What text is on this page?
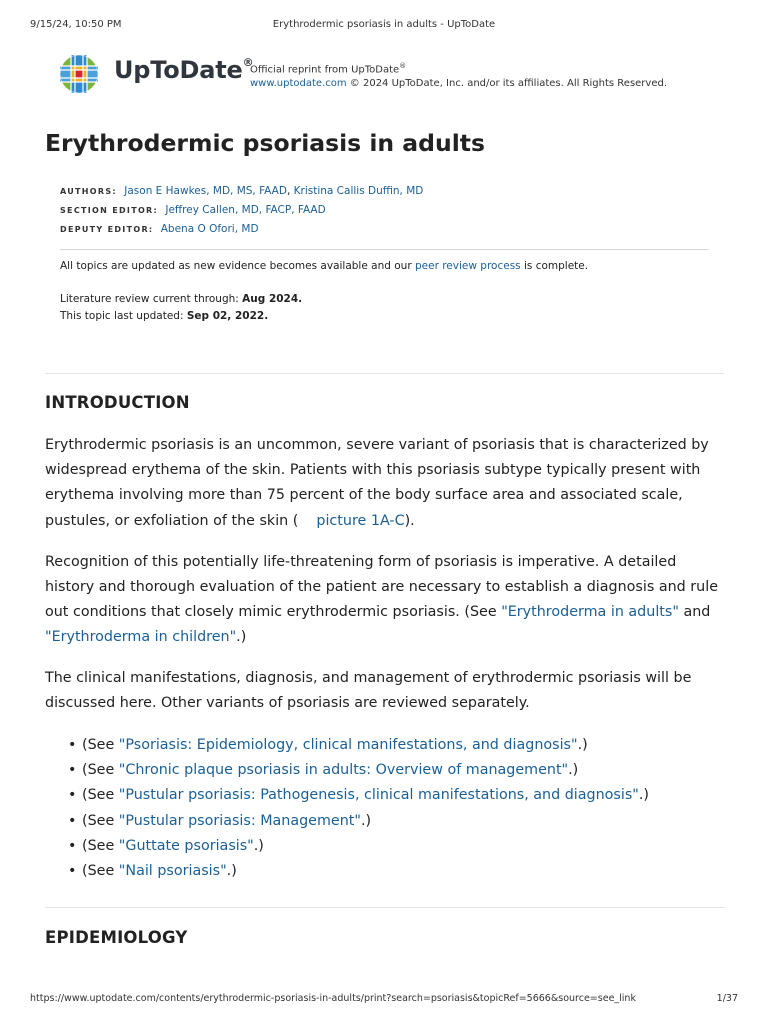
9/15/24, 10:50 PM	Erythrodermic psoriasis in adults - UpToDate
UpToDate®
Official reprint from UpToDate®
www.uptodate.com © 2024 UpToDate, Inc. and/or its affiliates. All Rights Reserved.
Erythrodermic psoriasis in adults
AUTHORS: Jason E Hawkes, MD, MS, FAAD, Kristina Callis Duffin, MD
SECTION EDITOR: Jeffrey Callen, MD, FACP, FAAD
DEPUTY EDITOR: Abena O Ofori, MD

All topics are updated as new evidence becomes available and our peer review process is complete.

Literature review current through: Aug 2024.

This topic last updated: Sep 02, 2022.

INTRODUCTION

Erythrodermic psoriasis is an uncommon, severe variant of psoriasis that is characterized by widespread erythema of the skin. Patients with this psoriasis subtype typically present with erythema involving more than 75 percent of the body surface area and associated scale, pustules, or exfoliation of the skin ( picture 1A-C).

Recognition of this potentially life-threatening form of psoriasis is imperative. A detailed history and thorough evaluation of the patient are necessary to establish a diagnosis and rule out conditions that closely mimic erythrodermic psoriasis. (See "Erythroderma in adults" and "Erythroderma in children".)

The clinical manifestations, diagnosis, and management of erythrodermic psoriasis will be discussed here. Other variants of psoriasis are reviewed separately.

• (See "Psoriasis: Epidemiology, clinical manifestations, and diagnosis".)
• (See "Chronic plaque psoriasis in adults: Overview of management".)
• (See "Pustular psoriasis: Pathogenesis, clinical manifestations, and diagnosis".)
• (See "Pustular psoriasis: Management".)
• (See "Guttate psoriasis".)
• (See "Nail psoriasis".)
EPIDEMIOLOGY
https://www.uptodate.com/contents/erythrodermic-psoriasis-in-adults/print?search=psoriasis&topicRef=5666&source=see_link	1/37
